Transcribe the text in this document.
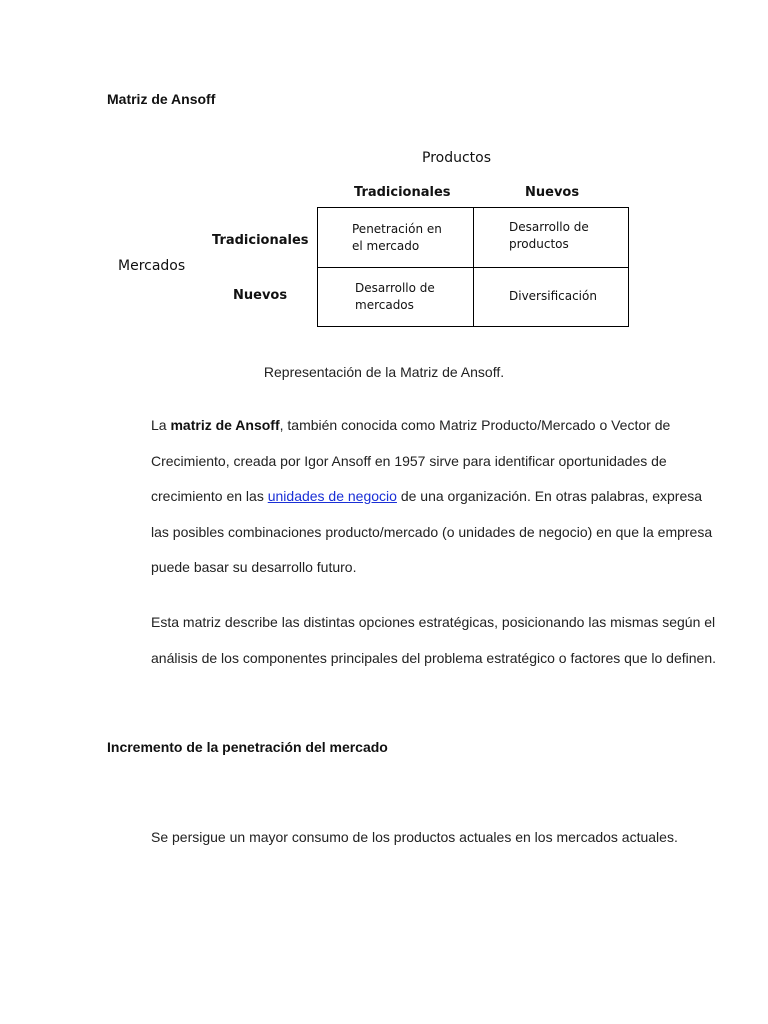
Matriz de Ansoff
Productos
Tradicionales	Nuevos
Mercados
Tradicionales
Nuevos
Penetración en
el mercado
Desarrollo de
productos
Desarrollo de
mercados
Diversificación
Representación de la Matriz de Ansoff.
La matriz de Ansoff, también conocida como Matriz Producto/Mercado o Vector de Crecimiento, creada por Igor Ansoff en 1957 sirve para identificar oportunidades de crecimiento en las unidades de negocio de una organización. En otras palabras, expresa las posibles combinaciones producto/mercado (o unidades de negocio) en que la empresa puede basar su desarrollo futuro.
Esta matriz describe las distintas opciones estratégicas, posicionando las mismas según el análisis de los componentes principales del problema estratégico o factores que lo definen.
Incremento de la penetración del mercado
Se persigue un mayor consumo de los productos actuales en los mercados actuales.
